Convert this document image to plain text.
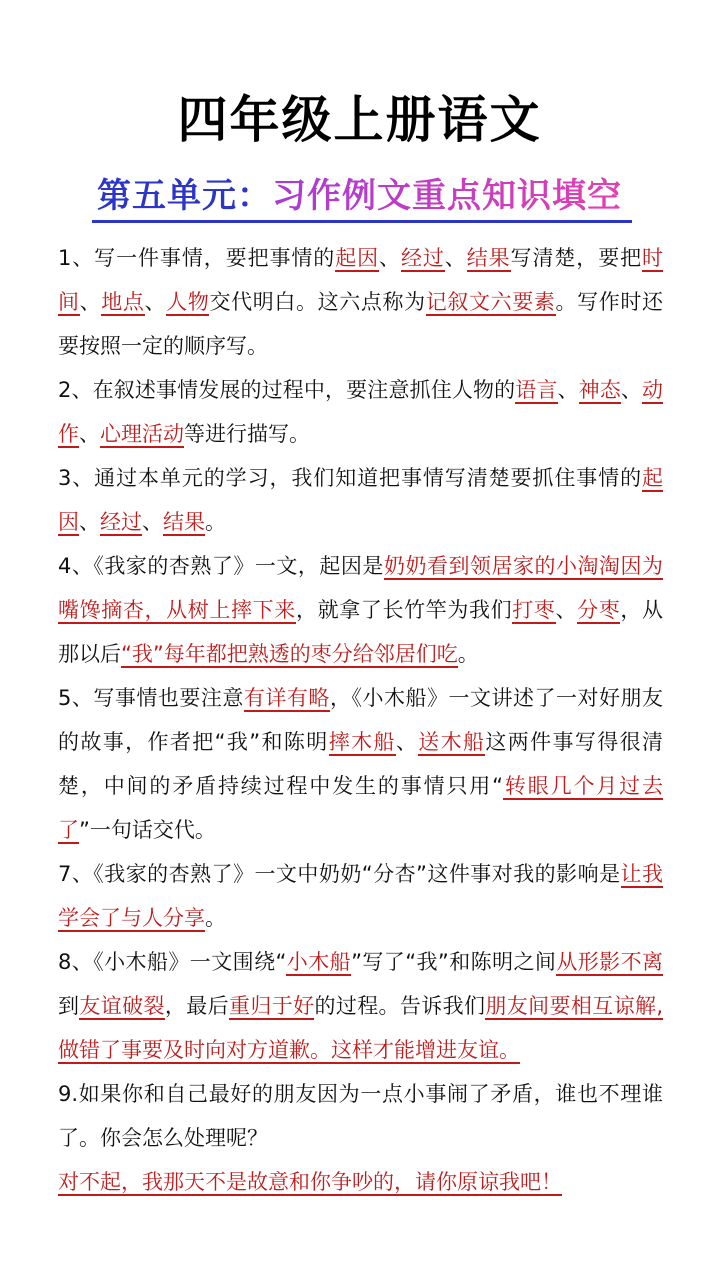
四年级上册语文
第五单元：习作例文重点知识填空

1、写一件事情，要把事情的起因、经过、结果写清楚，要把时间、地点、人物交代明白。这六点称为记叙文六要素。写作时还要按照一定的顺序写。

2、在叙述事情发展的过程中，要注意抓住人物的语言、神态、动作、心理活动等进行描写。

3、通过本单元的学习，我们知道把事情写清楚要抓住事情的起因、经过、结果。

4、《我家的杏熟了》一文，起因是奶奶看到领居家的小淘淘因为嘴馋摘杏，从树上摔下来，就拿了长竹竿为我们打枣、分枣，从那以后“我”每年都把熟透的枣分给邻居们吃。

5、写事情也要注意有详有略，《小木船》一文讲述了一对好朋友的故事，作者把“我”和陈明摔木船、送木船这两件事写得很清楚，中间的矛盾持续过程中发生的事情只用“转眼几个月过去了”一句话交代。

7、《我家的杏熟了》一文中奶奶“分杏”这件事对我的影响是让我学会了与人分享。

8、《小木船》一文围绕“小木船”写了“我”和陈明之间从形影不离到友谊破裂，最后重归于好的过程。告诉我们朋友间要相互谅解,做错了事要及时向对方道歉。这样才能增进友谊。

9.如果你和自己最好的朋友因为一点小事闹了矛盾，谁也不理谁了。你会怎么处理呢？

对不起，我那天不是故意和你争吵的，请你原谅我吧！
